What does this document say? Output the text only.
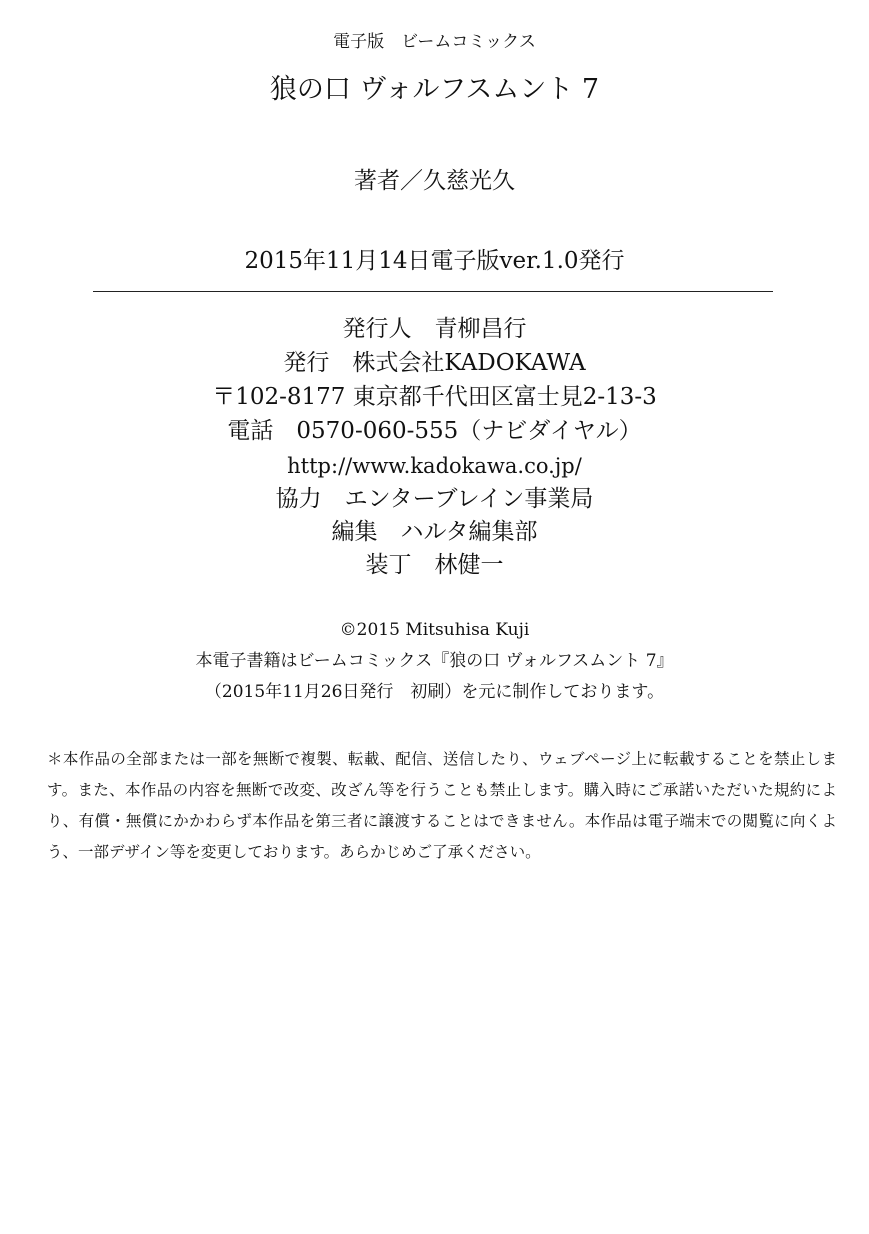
電子版　ビームコミックス
狼の口 ヴォルフスムント 7
著者／久慈光久
2015年11月14日電子版ver.1.0発行
発行人　青柳昌行
発行　株式会社KADOKAWA
〒102-8177 東京都千代田区富士見2-13-3
電話　0570-060-555（ナビダイヤル）
http://www.kadokawa.co.jp/
協力　エンターブレイン事業局
編集　ハルタ編集部
装丁　林健一
©2015 Mitsuhisa Kuji
本電子書籍はビームコミックス『狼の口 ヴォルフスムント 7』
（2015年11月26日発行　初刷）を元に制作しております。
＊本作品の全部または一部を無断で複製、転載、配信、送信したり、ウェブページ上に転載することを禁止します。また、本作品の内容を無断で改変、改ざん等を行うことも禁止します。購入時にご承諾いただいた規約により、有償・無償にかかわらず本作品を第三者に譲渡することはできません。本作品は電子端末での閲覧に向くよう、一部デザイン等を変更しております。あらかじめご了承ください。
